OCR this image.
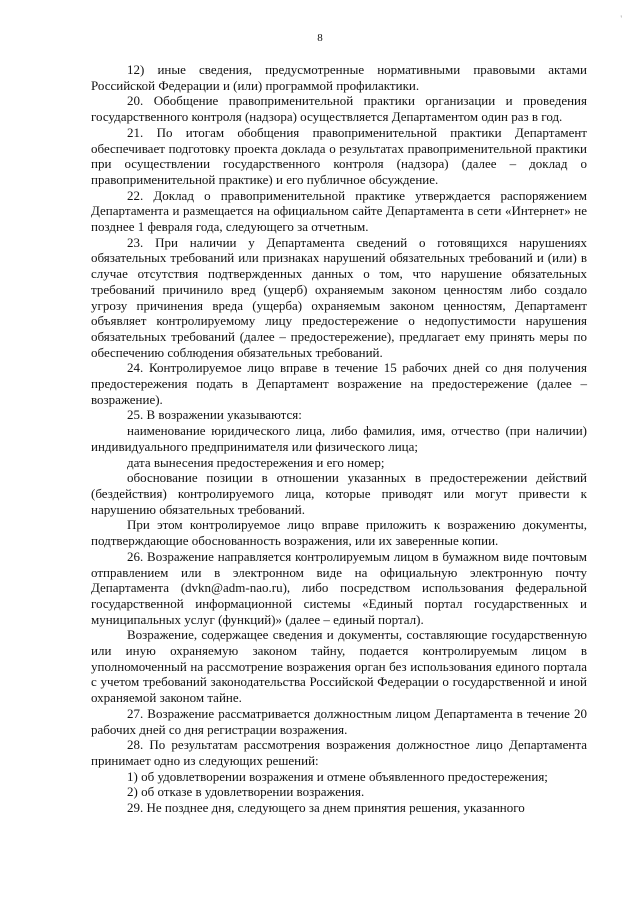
'
8

12) иные сведения, предусмотренные нормативными правовыми актами Российской Федерации и (или) программой профилактики.

20. Обобщение правоприменительной практики организации и проведения государственного контроля (надзора) осуществляется Департаментом один раз в год.

21. По итогам обобщения правоприменительной практики Департамент обеспечивает подготовку проекта доклада о результатах правоприменительной практики при осуществлении государственного контроля (надзора) (далее – доклад о правоприменительной практике) и его публичное обсуждение.

22. Доклад о правоприменительной практике утверждается распоряжением Департамента и размещается на официальном сайте Департамента в сети «Интернет» не позднее 1 февраля года, следующего за отчетным.

23. При наличии у Департамента сведений о готовящихся нарушениях обязательных требований или признаках нарушений обязательных требований и (или) в случае отсутствия подтвержденных данных о том, что нарушение обязательных требований причинило вред (ущерб) охраняемым законом ценностям либо создало угрозу причинения вреда (ущерба) охраняемым законом ценностям, Департамент объявляет контролируемому лицу предостережение о недопустимости нарушения обязательных требований (далее – предостережение), предлагает ему принять меры по обеспечению соблюдения обязательных требований.

24. Контролируемое лицо вправе в течение 15 рабочих дней со дня получения предостережения подать в Департамент возражение на предостережение (далее – возражение).

25. В возражении указываются:

наименование юридического лица, либо фамилия, имя, отчество (при наличии) индивидуального предпринимателя или физического лица;

дата вынесения предостережения и его номер;

обоснование позиции в отношении указанных в предостережении действий (бездействия) контролируемого лица, которые приводят или могут привести к нарушению обязательных требований.

При этом контролируемое лицо вправе приложить к возражению документы, подтверждающие обоснованность возражения, или их заверенные копии.

26. Возражение направляется контролируемым лицом в бумажном виде почтовым отправлением или в электронном виде на официальную электронную почту Департамента (dvkn@adm-nao.ru), либо посредством использования федеральной государственной информационной системы «Единый портал государственных и муниципальных услуг (функций)» (далее – единый портал).

Возражение, содержащее сведения и документы, составляющие государственную или иную охраняемую законом тайну, подается контролируемым лицом в уполномоченный на рассмотрение возражения орган без использования единого портала с учетом требований законодательства Российской Федерации о государственной и иной охраняемой законом тайне.

27. Возражение рассматривается должностным лицом Департамента в течение 20 рабочих дней со дня регистрации возражения.

28. По результатам рассмотрения возражения должностное лицо Департамента принимает одно из следующих решений:

1) об удовлетворении возражения и отмене объявленного предостережения;

2) об отказе в удовлетворении возражения.

29. Не позднее дня, следующего за днем принятия решения, указанного
